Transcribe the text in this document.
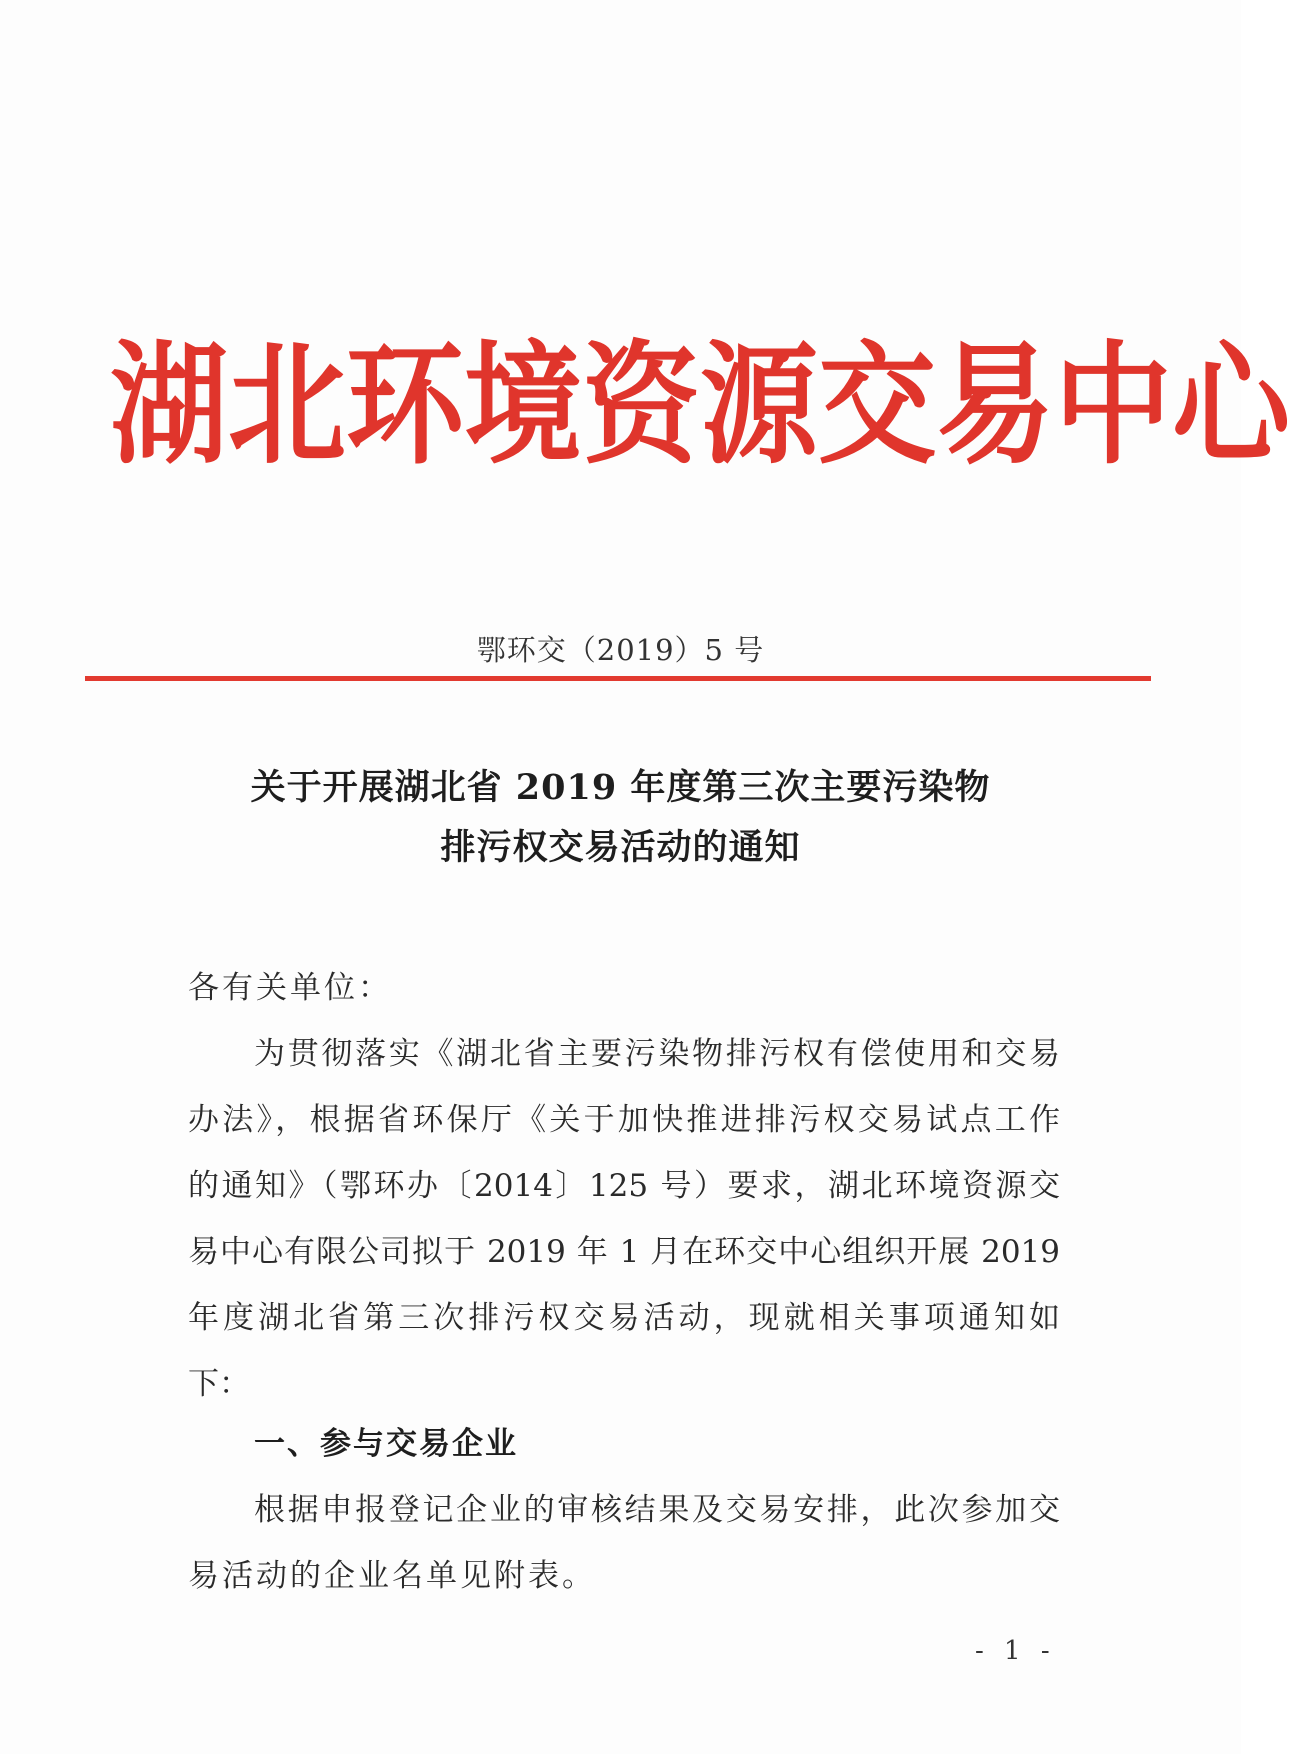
湖 北 环 境 资 源 交 易 中 心
鄂环交（2019）5 号
关于开展湖北省 2019 年度第三次主要污染物
排污权交易活动的通知
各有关单位：
为贯彻落实《湖北省主要污染物排污权有偿使用和交易
办法》，根据省环保厅《关于加快推进排污权交易试点工作
的通知》（鄂环办〔2014〕125 号）要求，湖北环境资源交
易中心有限公司拟于 2019 年 1 月在环交中心组织开展 2019
年度湖北省第三次排污权交易活动，现就相关事项通知如
下：
一、参与交易企业
根据申报登记企业的审核结果及交易安排，此次参加交
易活动的企业名单见附表。
- 1 -
